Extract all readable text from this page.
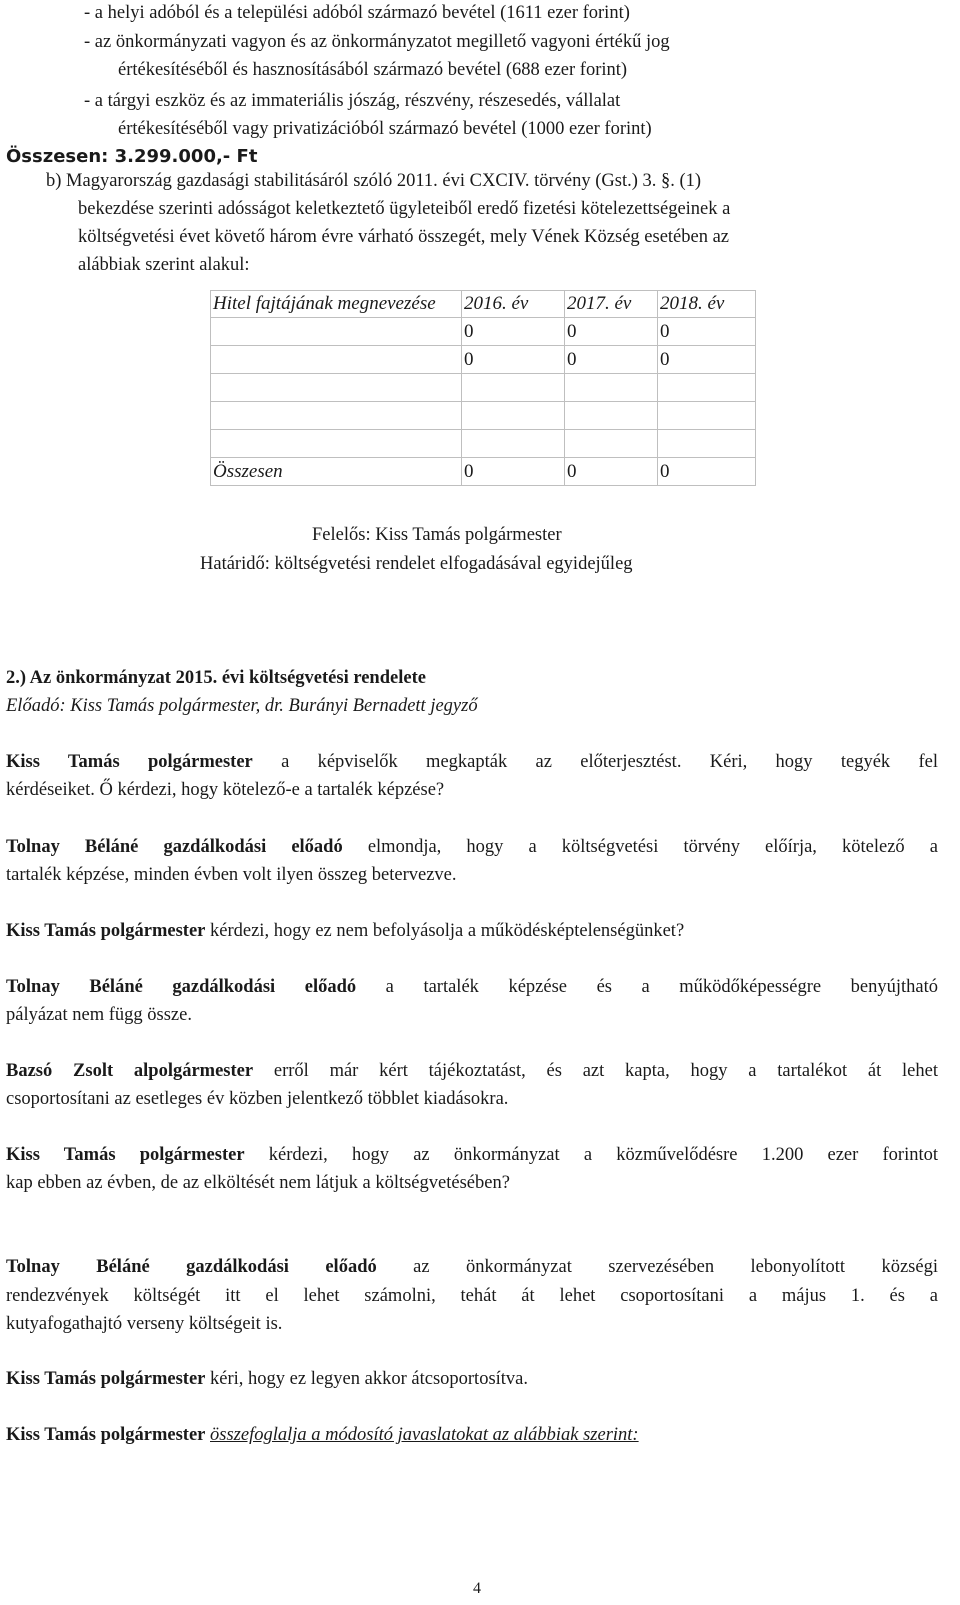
- a helyi adóból és a települési adóból származó bevétel (1611 ezer forint)
- az önkormányzati vagyon és az önkormányzatot megillető vagyoni értékű jog
értékesítéséből és hasznosításából származó bevétel (688 ezer forint)
- a tárgyi eszköz és az immateriális jószág, részvény, részesedés, vállalat
értékesítéséből vagy privatizációból származó bevétel (1000 ezer forint)
Összesen: 3.299.000,- Ft
b) Magyarország gazdasági stabilitásáról szóló 2011. évi CXCIV. törvény (Gst.) 3. §. (1)
bekezdése szerinti adósságot keletkeztető ügyleteiből eredő fizetési kötelezettségeinek a
költségvetési évet követő három évre várható összegét, mely Vének Község esetében az
alábbiak szerint alakul:
Hitel fajtájának megnevezése	2016. év	2017. év	2018. év
	0	0	0
	0	0	0

Összesen	0	0	0
Felelős: Kiss Tamás polgármester
Határidő: költségvetési rendelet elfogadásával egyidejűleg
2.) Az önkormányzat 2015. évi költségvetési rendelete
Előadó: Kiss Tamás polgármester, dr. Burányi Bernadett jegyző
Kiss Tamás polgármester a képviselők megkapták az előterjesztést. Kéri, hogy tegyék fel
kérdéseiket. Ő kérdezi, hogy kötelező-e a tartalék képzése?
Tolnay Béláné gazdálkodási előadó elmondja, hogy a költségvetési törvény előírja, kötelező a
tartalék képzése, minden évben volt ilyen összeg betervezve.
Kiss Tamás polgármester kérdezi, hogy ez nem befolyásolja a működésképtelenségünket?
Tolnay Béláné gazdálkodási előadó a tartalék képzése és a működőképességre benyújtható
pályázat nem függ össze.
Bazsó Zsolt alpolgármester erről már kért tájékoztatást, és azt kapta, hogy a tartalékot át lehet
csoportosítani az esetleges év közben jelentkező többlet kiadásokra.
Kiss Tamás polgármester kérdezi, hogy az önkormányzat a közművelődésre 1.200 ezer forintot
kap ebben az évben, de az elköltését nem látjuk a költségvetésében?
Tolnay Béláné gazdálkodási előadó az önkormányzat szervezésében lebonyolított községi
rendezvények költségét itt el lehet számolni, tehát át lehet csoportosítani a május 1. és a
kutyafogathajtó verseny költségeit is.
Kiss Tamás polgármester kéri, hogy ez legyen akkor átcsoportosítva.
Kiss Tamás polgármester összefoglalja a módosító javaslatokat az alábbiak szerint:
4
